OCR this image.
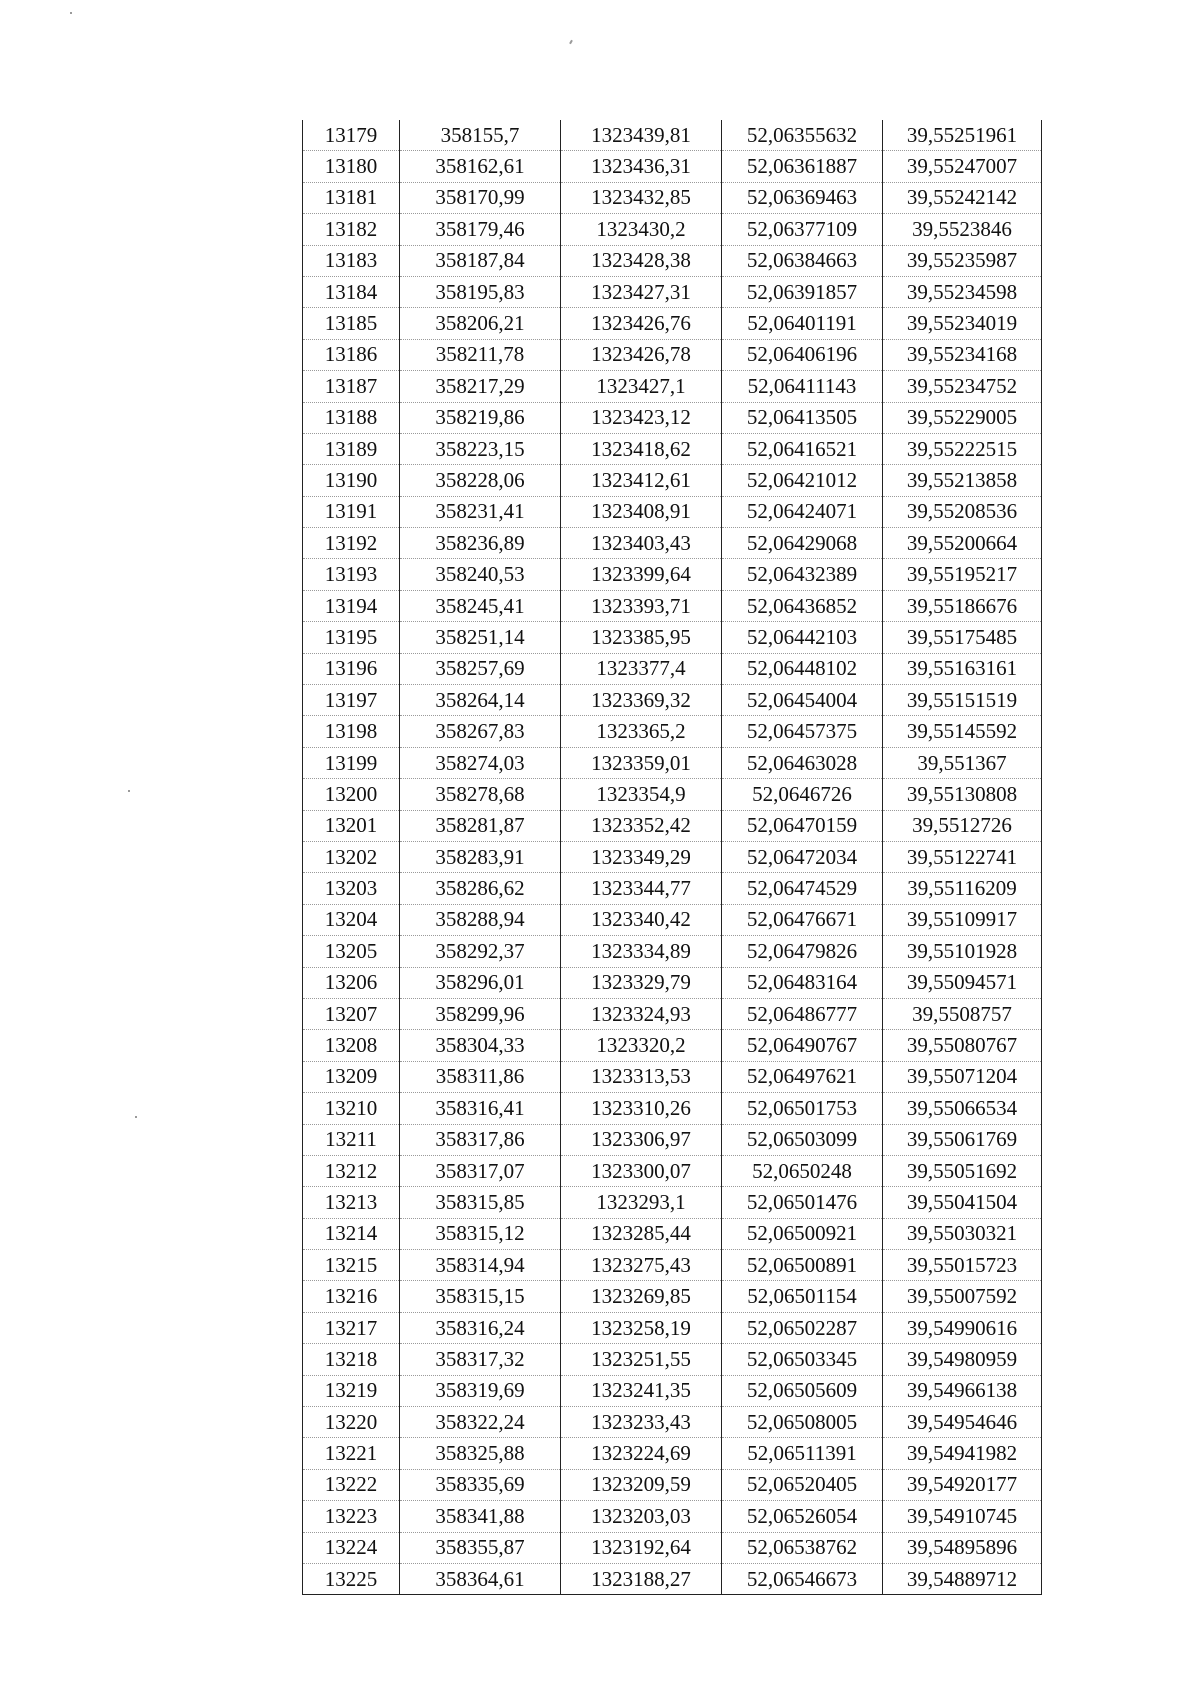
13179	358155,7	1323439,81	52,06355632	39,55251961
13180	358162,61	1323436,31	52,06361887	39,55247007
13181	358170,99	1323432,85	52,06369463	39,55242142
13182	358179,46	1323430,2	52,06377109	39,5523846
13183	358187,84	1323428,38	52,06384663	39,55235987
13184	358195,83	1323427,31	52,06391857	39,55234598
13185	358206,21	1323426,76	52,06401191	39,55234019
13186	358211,78	1323426,78	52,06406196	39,55234168
13187	358217,29	1323427,1	52,06411143	39,55234752
13188	358219,86	1323423,12	52,06413505	39,55229005
13189	358223,15	1323418,62	52,06416521	39,55222515
13190	358228,06	1323412,61	52,06421012	39,55213858
13191	358231,41	1323408,91	52,06424071	39,55208536
13192	358236,89	1323403,43	52,06429068	39,55200664
13193	358240,53	1323399,64	52,06432389	39,55195217
13194	358245,41	1323393,71	52,06436852	39,55186676
13195	358251,14	1323385,95	52,06442103	39,55175485
13196	358257,69	1323377,4	52,06448102	39,55163161
13197	358264,14	1323369,32	52,06454004	39,55151519
13198	358267,83	1323365,2	52,06457375	39,55145592
13199	358274,03	1323359,01	52,06463028	39,551367
13200	358278,68	1323354,9	52,0646726	39,55130808
13201	358281,87	1323352,42	52,06470159	39,5512726
13202	358283,91	1323349,29	52,06472034	39,55122741
13203	358286,62	1323344,77	52,06474529	39,55116209
13204	358288,94	1323340,42	52,06476671	39,55109917
13205	358292,37	1323334,89	52,06479826	39,55101928
13206	358296,01	1323329,79	52,06483164	39,55094571
13207	358299,96	1323324,93	52,06486777	39,5508757
13208	358304,33	1323320,2	52,06490767	39,55080767
13209	358311,86	1323313,53	52,06497621	39,55071204
13210	358316,41	1323310,26	52,06501753	39,55066534
13211	358317,86	1323306,97	52,06503099	39,55061769
13212	358317,07	1323300,07	52,0650248	39,55051692
13213	358315,85	1323293,1	52,06501476	39,55041504
13214	358315,12	1323285,44	52,06500921	39,55030321
13215	358314,94	1323275,43	52,06500891	39,55015723
13216	358315,15	1323269,85	52,06501154	39,55007592
13217	358316,24	1323258,19	52,06502287	39,54990616
13218	358317,32	1323251,55	52,06503345	39,54980959
13219	358319,69	1323241,35	52,06505609	39,54966138
13220	358322,24	1323233,43	52,06508005	39,54954646
13221	358325,88	1323224,69	52,06511391	39,54941982
13222	358335,69	1323209,59	52,06520405	39,54920177
13223	358341,88	1323203,03	52,06526054	39,54910745
13224	358355,87	1323192,64	52,06538762	39,54895896
13225	358364,61	1323188,27	52,06546673	39,54889712
